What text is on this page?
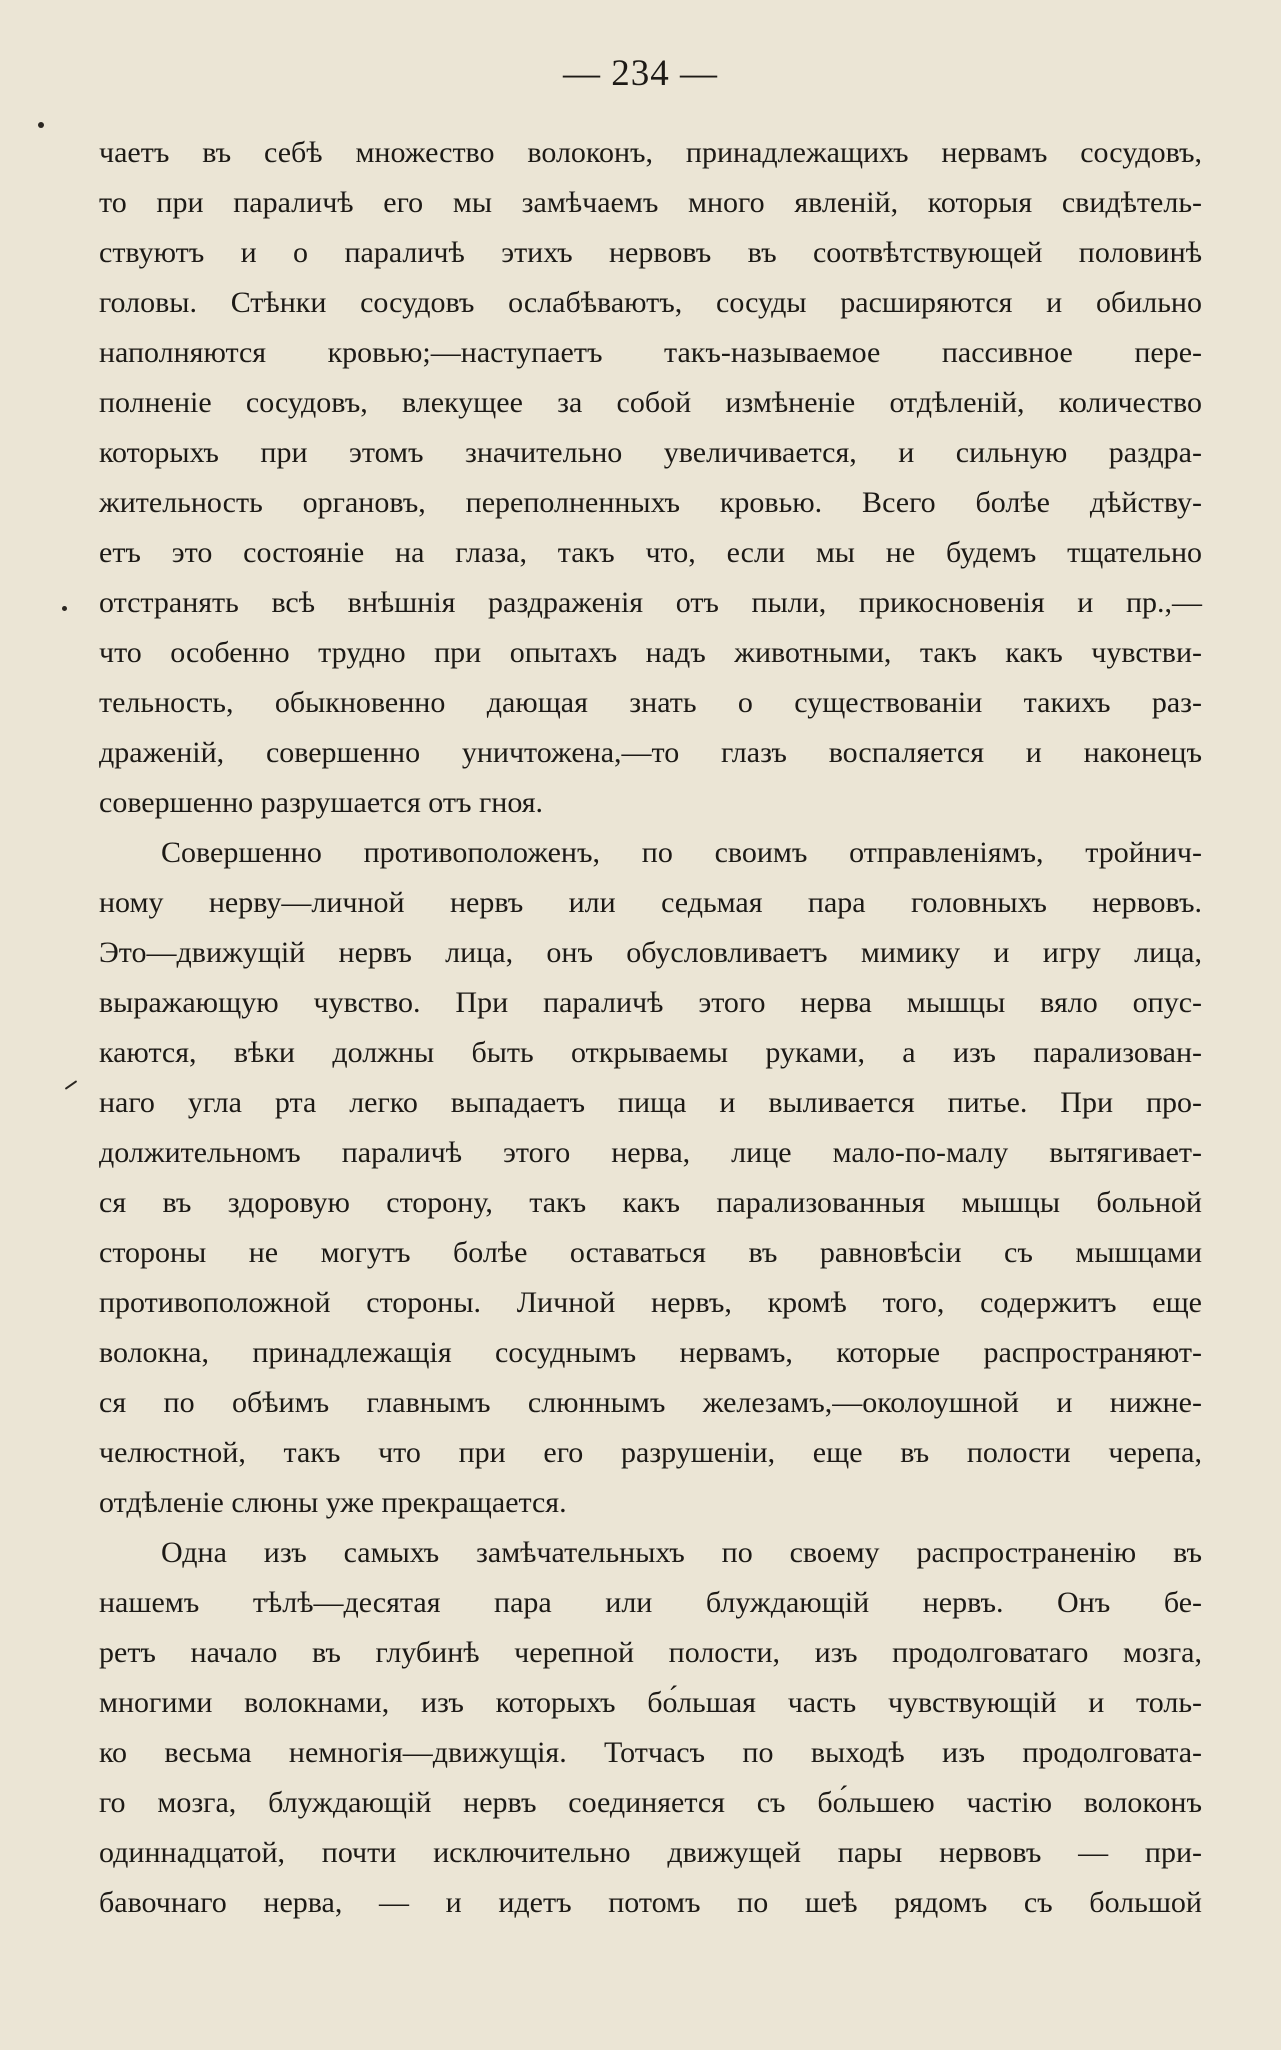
— 234 —
чаетъ въ себѣ множество волоконъ, принадлежащихъ нервамъ сосудовъ,
то при параличѣ его мы замѣчаемъ много явленій, которыя свидѣтель-
ствуютъ и о параличѣ этихъ нервовъ въ соотвѣтствующей половинѣ
головы. Стѣнки сосудовъ ослабѣваютъ, сосуды расширяются и обильно
наполняются кровью;—наступаетъ такъ-называемое пассивное пере-
полненіе сосудовъ, влекущее за собой измѣненіе отдѣленій, количество
которыхъ при этомъ значительно увеличивается, и сильную раздра-
жительность органовъ, переполненныхъ кровью. Всего болѣе дѣйству-
етъ это состояніе на глаза, такъ что, если мы не будемъ тщательно
отстранять всѣ внѣшнія раздраженія отъ пыли, прикосновенія и пр.,—
что особенно трудно при опытахъ надъ животными, такъ какъ чувстви-
тельность, обыкновенно дающая знать о существованіи такихъ раз-
драженій, совершенно уничтожена,—то глазъ воспаляется и наконецъ
совершенно разрушается отъ гноя.
Совершенно противоположенъ, по своимъ отправленіямъ, тройнич-
ному нерву—личной нервъ или седьмая пара головныхъ нервовъ.
Это—движущій нервъ лица, онъ обусловливаетъ мимику и игру лица,
выражающую чувство. При параличѣ этого нерва мышцы вяло опус-
каются, вѣки должны быть открываемы руками, а изъ парализован-
наго угла рта легко выпадаетъ пища и выливается питье. При про-
должительномъ параличѣ этого нерва, лице мало-по-малу вытягивает-
ся въ здоровую сторону, такъ какъ парализованныя мышцы больной
стороны не могутъ болѣе оставаться въ равновѣсіи съ мышцами
противоположной стороны. Личной нервъ, кромѣ того, содержитъ еще
волокна, принадлежащія сосуднымъ нервамъ, которые распространяют-
ся по обѣимъ главнымъ слюннымъ железамъ,—околоушной и нижне-
челюстной, такъ что при его разрушеніи, еще въ полости черепа,
отдѣленіе слюны уже прекращается.
Одна изъ самыхъ замѣчательныхъ по своему распространенію въ
нашемъ тѣлѣ—десятая пара или блуждающій нервъ. Онъ бе-
ретъ начало въ глубинѣ черепной полости, изъ продолговатаго мозга,
многими волокнами, изъ которыхъ бо́льшая часть чувствующій и толь-
ко весьма немногія—движущія. Тотчасъ по выходѣ изъ продолговата-
го мозга, блуждающій нервъ соединяется съ бо́льшею частію волоконъ
одиннадцатой, почти исключительно движущей пары нервовъ — при-
бавочнаго нерва, — и идетъ потомъ по шеѣ рядомъ съ большой
